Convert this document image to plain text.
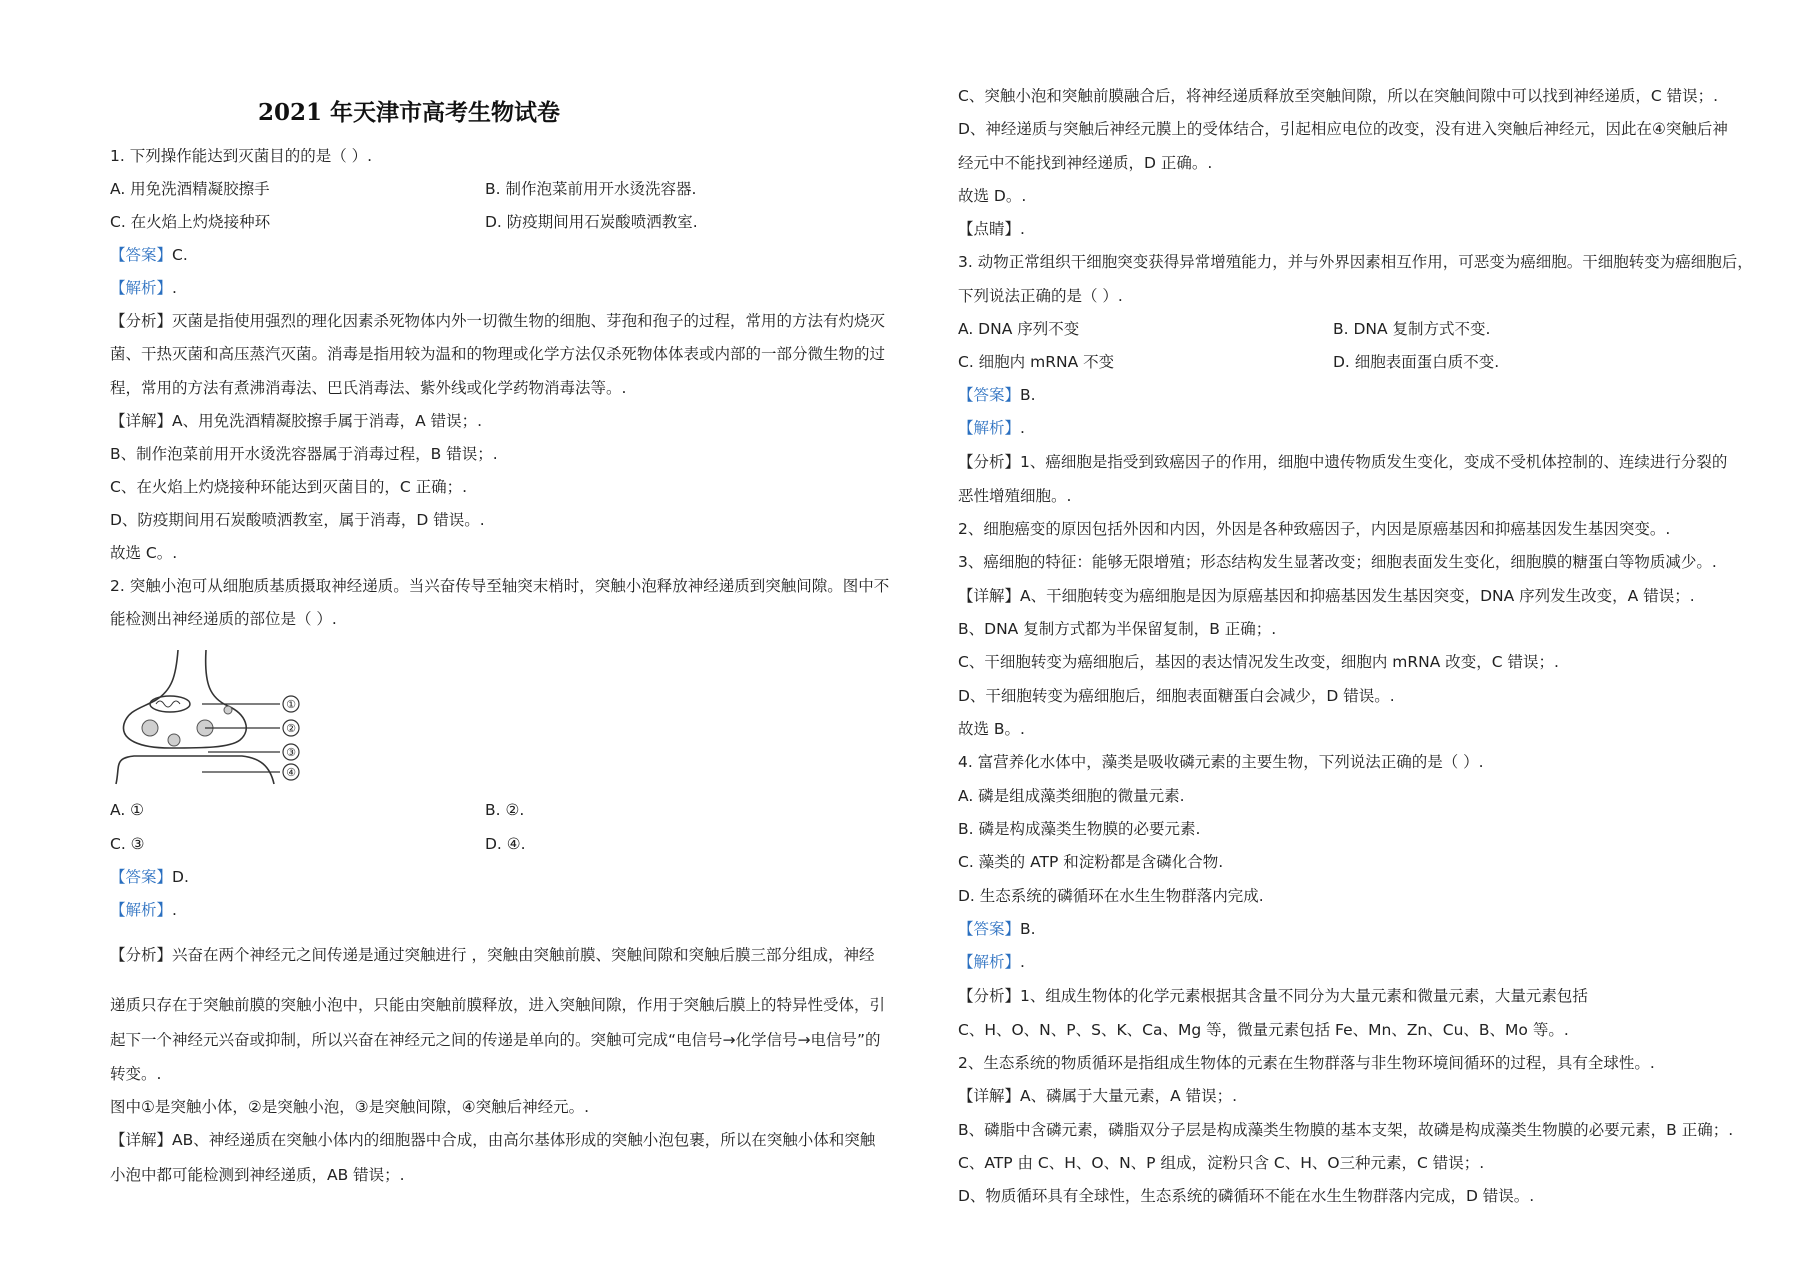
2021 年天津市高考生物试卷
1. 下列操作能达到灭菌目的的是（ ）.
A. 用免洗酒精凝胶擦手	B. 制作泡菜前用开水烫洗容器.
C. 在火焰上灼烧接种环	D. 防疫期间用石炭酸喷洒教室.
【答案】C.
【解析】.
【分析】灭菌是指使用强烈的理化因素杀死物体内外一切微生物的细胞、芽孢和孢子的过程，常用的方法有灼烧灭
菌、干热灭菌和高压蒸汽灭菌。消毒是指用较为温和的物理或化学方法仅杀死物体体表或内部的一部分微生物的过
程，常用的方法有煮沸消毒法、巴氏消毒法、紫外线或化学药物消毒法等。.
【详解】A、用免洗酒精凝胶擦手属于消毒，A 错误；.
B、制作泡菜前用开水烫洗容器属于消毒过程，B 错误；.
C、在火焰上灼烧接种环能达到灭菌目的，C 正确；.
D、防疫期间用石炭酸喷洒教室，属于消毒，D 错误。.
故选 C。.
2. 突触小泡可从细胞质基质摄取神经递质。当兴奋传导至轴突末梢时，突触小泡释放神经递质到突触间隙。图中不
能检测出神经递质的部位是（ ）.
①
②
③
④
A. ①	B. ②.
C. ③	D. ④.
【答案】D.
【解析】.
【分析】兴奋在两个神经元之间传递是通过突触进行 ，突触由突触前膜、突触间隙和突触后膜三部分组成，神经
递质只存在于突触前膜的突触小泡中，只能由突触前膜释放，进入突触间隙，作用于突触后膜上的特异性受体，引
起下一个神经元兴奋或抑制，所以兴奋在神经元之间的传递是单向的。突触可完成“电信号→化学信号→电信号”的
转变。.
图中①是突触小体，②是突触小泡，③是突触间隙，④突触后神经元。.
【详解】AB、神经递质在突触小体内的细胞器中合成，由高尔基体形成的突触小泡包裹，所以在突触小体和突触
小泡中都可能检测到神经递质，AB 错误；.
C、突触小泡和突触前膜融合后，将神经递质释放至突触间隙，所以在突触间隙中可以找到神经递质，C 错误；.
D、神经递质与突触后神经元膜上的受体结合，引起相应电位的改变，没有进入突触后神经元，因此在④突触后神
经元中不能找到神经递质，D 正确。.
故选 D。.
【点睛】.
3. 动物正常组织干细胞突变获得异常增殖能力，并与外界因素相互作用，可恶变为癌细胞。干细胞转变为癌细胞后，
下列说法正确的是（ ）.
A. DNA 序列不变	B. DNA 复制方式不变.
C. 细胞内 mRNA 不变	D. 细胞表面蛋白质不变.
【答案】B.
【解析】.
【分析】1、癌细胞是指受到致癌因子的作用，细胞中遗传物质发生变化，变成不受机体控制的、连续进行分裂的
恶性增殖细胞。.
2、细胞癌变的原因包括外因和内因，外因是各种致癌因子，内因是原癌基因和抑癌基因发生基因突变。.
3、癌细胞的特征：能够无限增殖；形态结构发生显著改变；细胞表面发生变化，细胞膜的糖蛋白等物质减少。.
【详解】A、干细胞转变为癌细胞是因为原癌基因和抑癌基因发生基因突变，DNA 序列发生改变，A 错误；.
B、DNA 复制方式都为半保留复制，B 正确；.
C、干细胞转变为癌细胞后，基因的表达情况发生改变，细胞内 mRNA 改变，C 错误；.
D、干细胞转变为癌细胞后，细胞表面糖蛋白会减少，D 错误。.
故选 B。.
4. 富营养化水体中，藻类是吸收磷元素的主要生物，下列说法正确的是（ ）.
A. 磷是组成藻类细胞的微量元素.
B. 磷是构成藻类生物膜的必要元素.
C. 藻类的 ATP 和淀粉都是含磷化合物.
D. 生态系统的磷循环在水生生物群落内完成.
【答案】B.
【解析】.
【分析】1、组成生物体的化学元素根据其含量不同分为大量元素和微量元素，大量元素包括
C、H、O、N、P、S、K、Ca、Mg 等，微量元素包括 Fe、Mn、Zn、Cu、B、Mo 等。.
2、生态系统的物质循环是指组成生物体的元素在生物群落与非生物环境间循环的过程，具有全球性。.
【详解】A、磷属于大量元素，A 错误；.
B、磷脂中含磷元素，磷脂双分子层是构成藻类生物膜的基本支架，故磷是构成藻类生物膜的必要元素，B 正确；.
C、ATP 由 C、H、O、N、P 组成，淀粉只含 C、H、O三种元素，C 错误；.
D、物质循环具有全球性，生态系统的磷循环不能在水生生物群落内完成，D 错误。.
